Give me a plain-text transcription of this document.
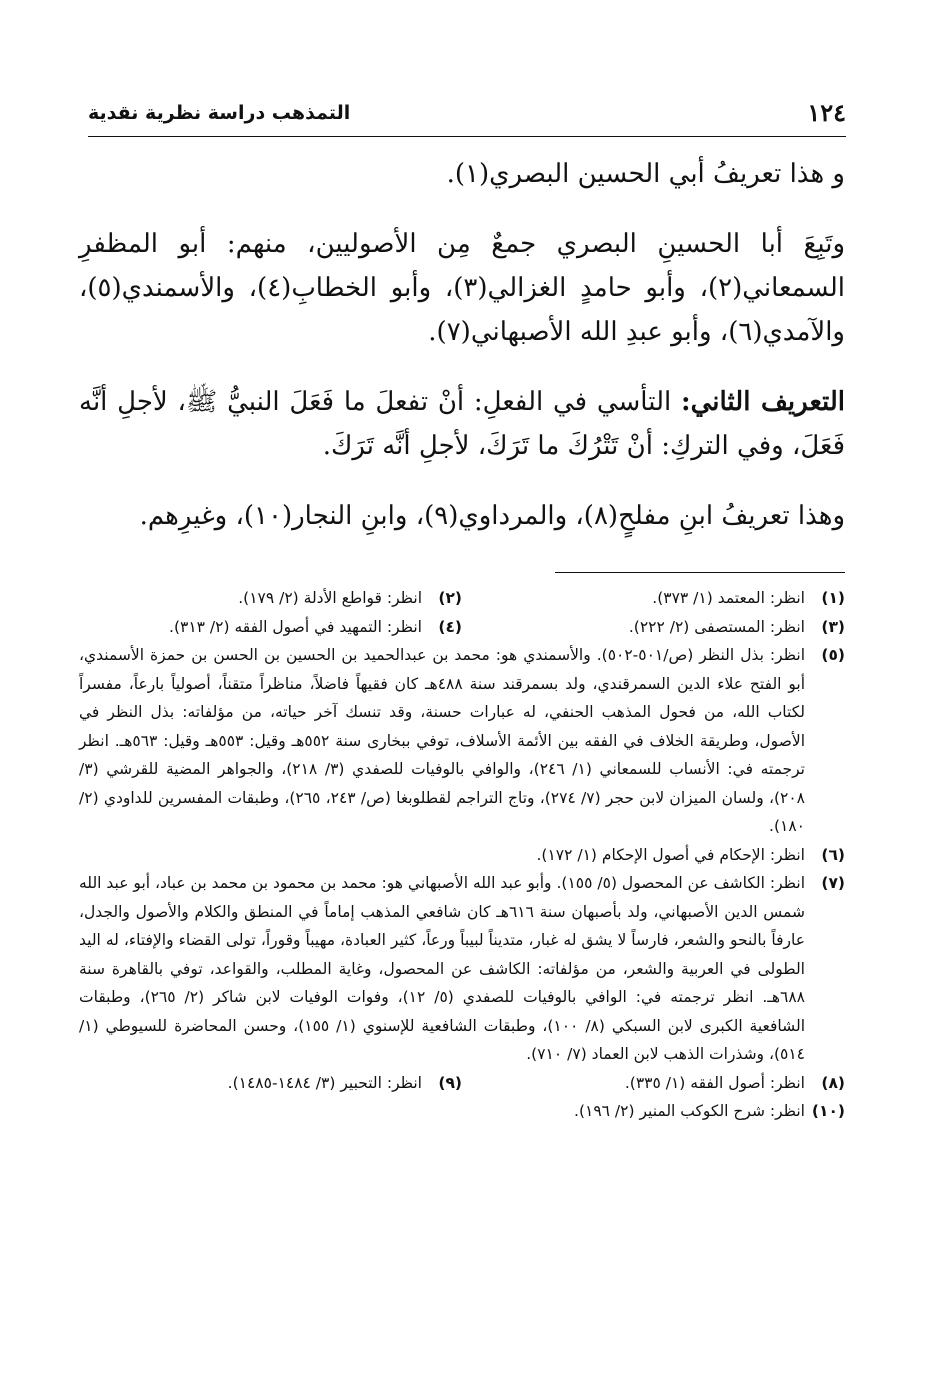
١٢٤
التمذهب دراسة نظرية نقدية

و هذا تعريفُ أبي الحسين البصري(١).

وتَبِعَ أبا الحسينِ البصري جمعٌ مِن الأصوليين، منهم: أبو المظفرِ السمعاني(٢)، وأبو حامدٍ الغزالي(٣)، وأبو الخطابِ(٤)، والأسمندي(٥)، والآمدي(٦)، وأبو عبدِ الله الأصبهاني(٧).

التعريف الثاني: التأسي في الفعلِ: أنْ تفعلَ ما فَعَلَ النبيُّ ﷺ، لأجلِ أنَّه فَعَلَ، وفي التركِ: أنْ تَتْرُكَ ما تَرَكَ، لأجلِ أنَّه تَرَكَ.

وهذا تعريفُ ابنِ مفلحٍ(٨)، والمرداوي(٩)، وابنِ النجار(١٠)، وغيرِهم.

(١)
انظر: المعتمد (١/ ٣٧٣).
(٢)
انظر: قواطع الأدلة (٢/ ١٧٩).
(٣)
انظر: المستصفى (٢/ ٢٢٢).
(٤)
انظر: التمهيد في أصول الفقه (٢/ ٣١٣).
(٥)
انظر: بذل النظر (ص/٥٠١-٥٠٢). والأسمندي هو: محمد بن عبدالحميد بن الحسين بن الحسن بن حمزة الأسمندي، أبو الفتح علاء الدين السمرقندي، ولد بسمرقند سنة ٤٨٨هـ كان فقيهاً فاضلاً، مناظراً متقناً، أصولياً بارعاً، مفسراً لكتاب الله، من فحول المذهب الحنفي، له عبارات حسنة، وقد تنسك آخر حياته، من مؤلفاته: بذل النظر في الأصول، وطريقة الخلاف في الفقه بين الأئمة الأسلاف، توفي ببخارى سنة ٥٥٢هـ وقيل: ٥٥٣هـ وقيل: ٥٦٣هـ. انظر ترجمته في: الأنساب للسمعاني (١/ ٢٤٦)، والوافي بالوفيات للصفدي (٣/ ٢١٨)، والجواهر المضية للقرشي (٣/ ٢٠٨)، ولسان الميزان لابن حجر (٧/ ٢٧٤)، وتاج التراجم لقطلوبغا (ص/ ٢٤٣، ٢٦٥)، وطبقات المفسرين للداودي (٢/ ١٨٠).
(٦)
انظر: الإحكام في أصول الإحكام (١/ ١٧٢).
(٧)
انظر: الكاشف عن المحصول (٥/ ١٥٥). وأبو عبد الله الأصبهاني هو: محمد بن محمود بن محمد بن عباد، أبو عبد الله شمس الدين الأصبهاني، ولد بأصبهان سنة ٦١٦هـ كان شافعي المذهب إماماً في المنطق والكلام والأصول والجدل، عارفاً بالنحو والشعر، فارساً لا يشق له غبار، متديناً لبيباً ورعاً، كثير العبادة، مهيباً وقوراً، تولى القضاء والإفتاء، له اليد الطولى في العربية والشعر، من مؤلفاته: الكاشف عن المحصول، وغاية المطلب، والقواعد، توفي بالقاهرة سنة ٦٨٨هـ. انظر ترجمته في: الوافي بالوفيات للصفدي (٥/ ١٢)، وفوات الوفيات لابن شاكر (٢/ ٢٦٥)، وطبقات الشافعية الكبرى لابن السبكي (٨/ ١٠٠)، وطبقات الشافعية للإسنوي (١/ ١٥٥)، وحسن المحاضرة للسيوطي (١/ ٥١٤)، وشذرات الذهب لابن العماد (٧/ ٧١٠).
(٨)
انظر: أصول الفقه (١/ ٣٣٥).
(٩)
انظر: التحبير (٣/ ١٤٨٤-١٤٨٥).
(١٠)
انظر: شرح الكوكب المنير (٢/ ١٩٦).
